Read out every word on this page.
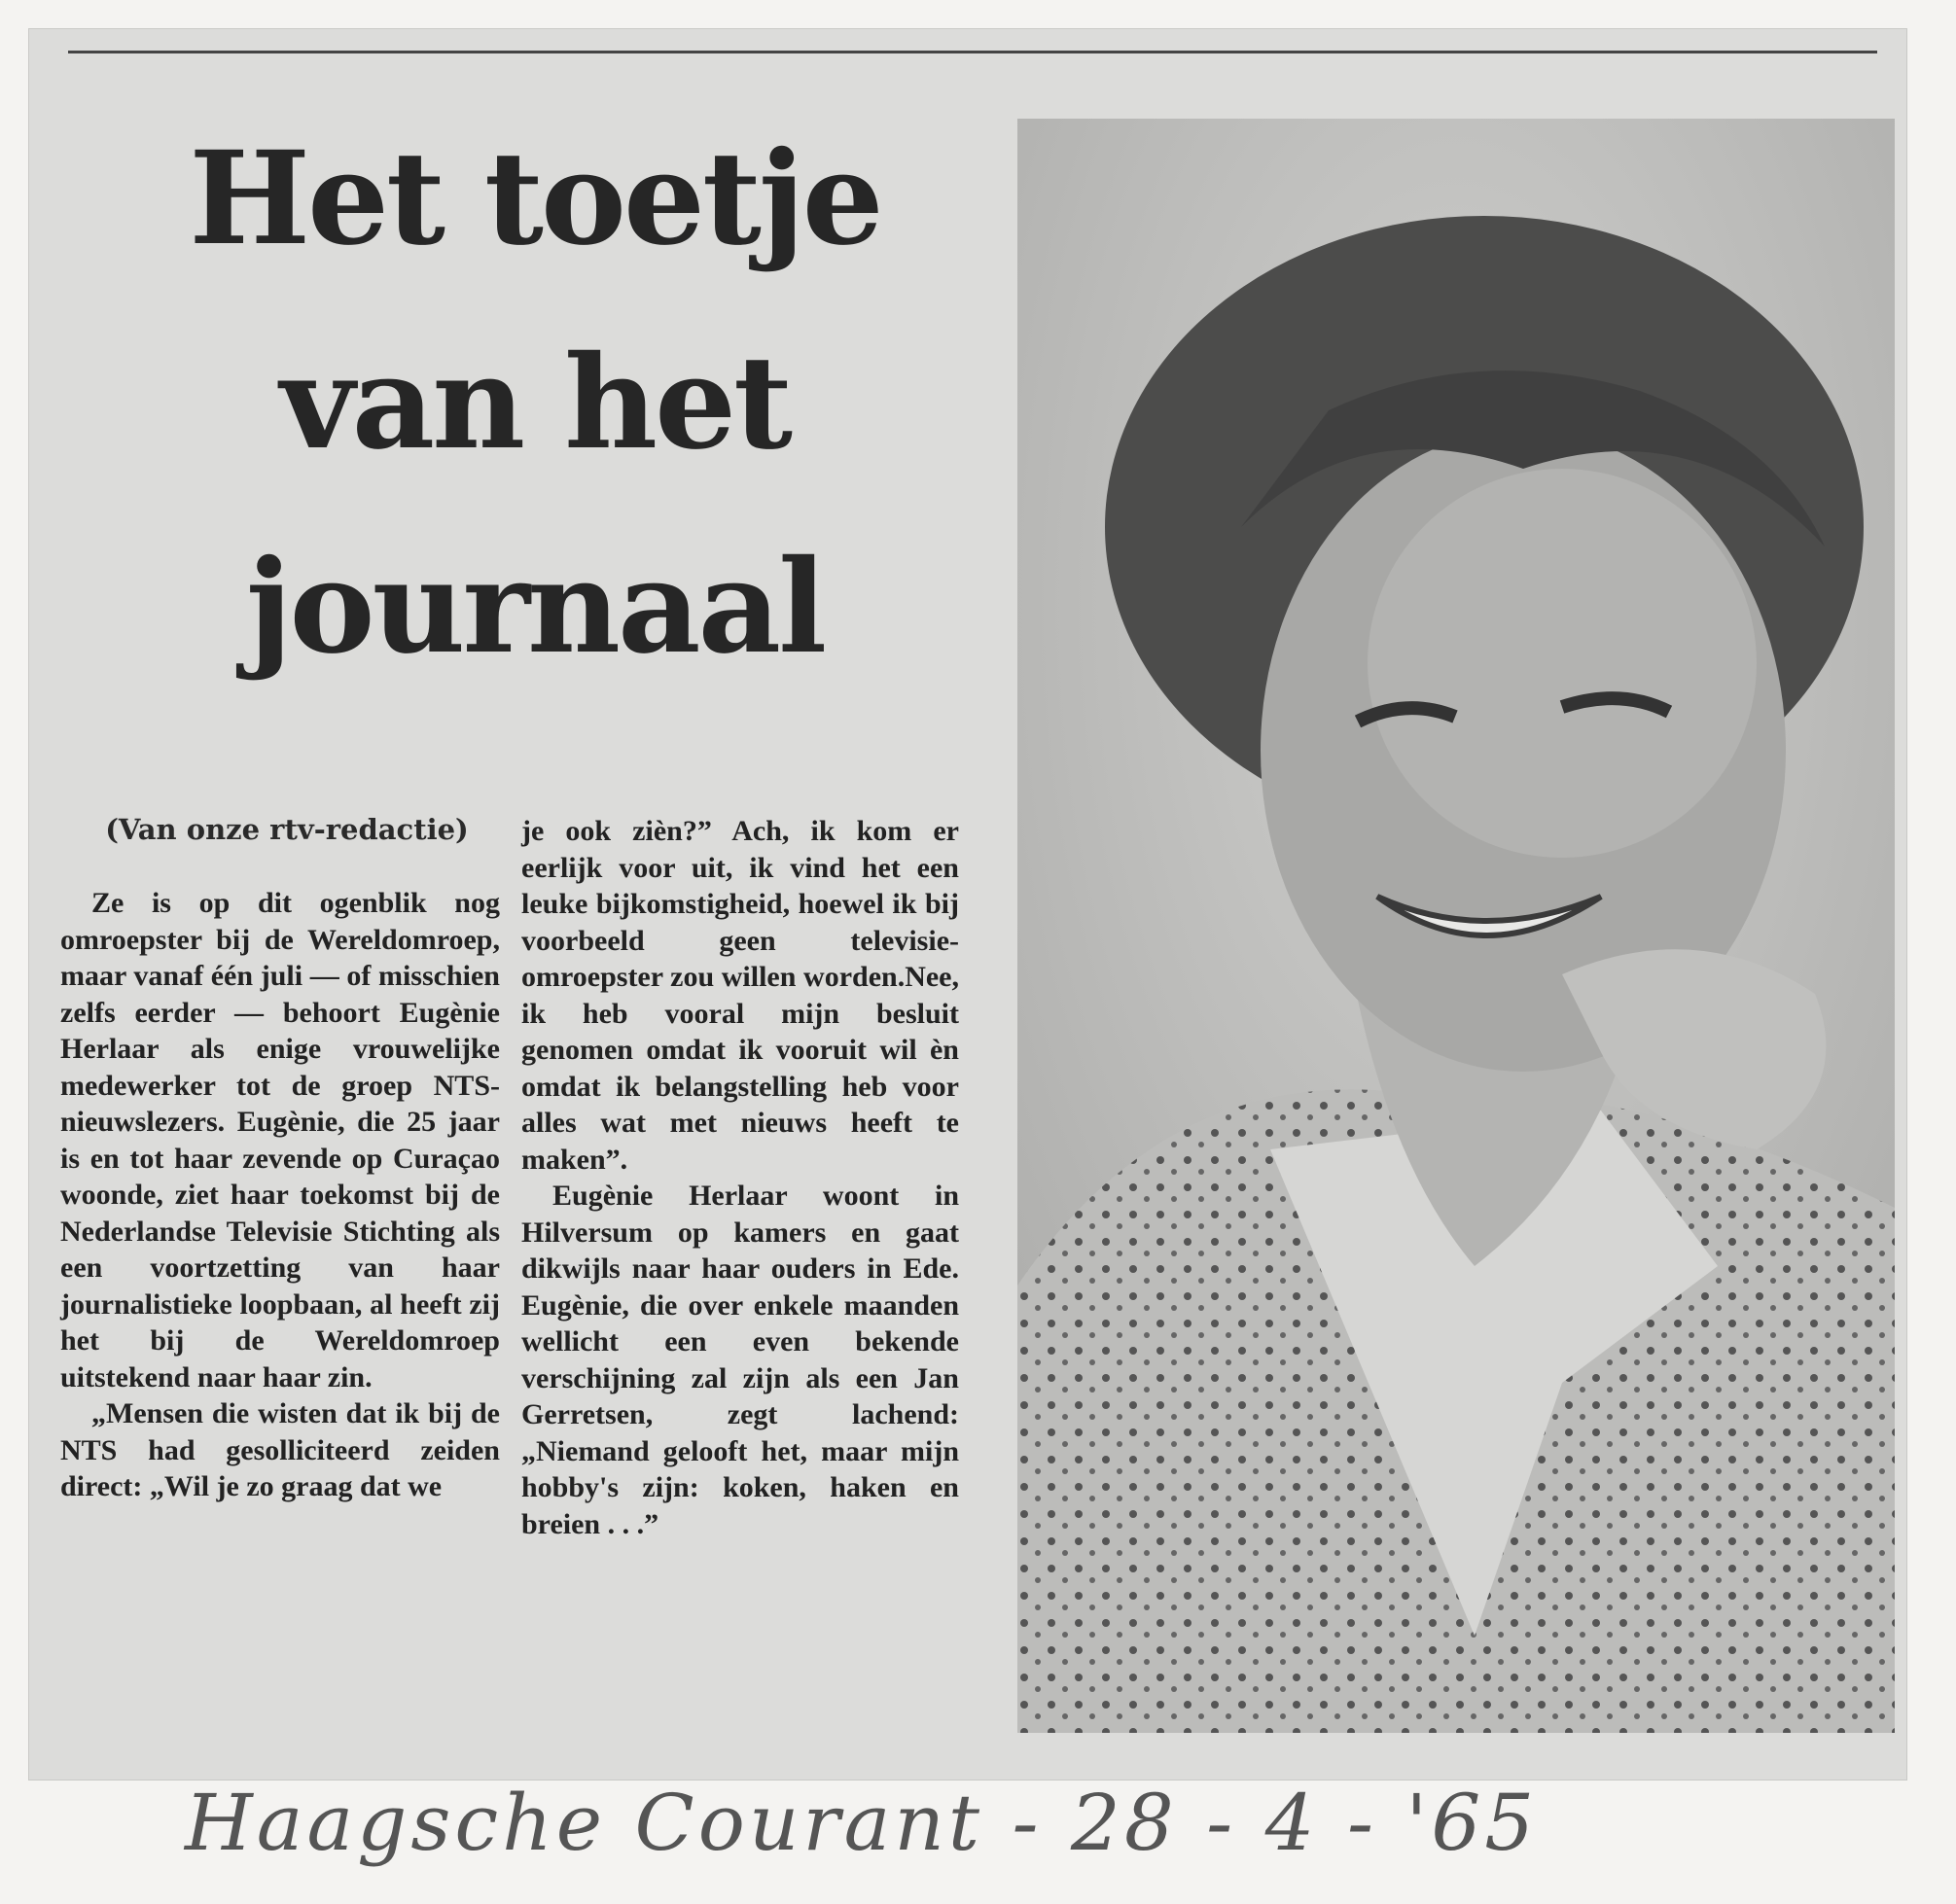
Het toetje
van het
journaal
(Van onze rtv-redactie)

Ze is op dit ogenblik nog omroepster bij de Wereldomroep, maar vanaf één juli — of misschien zelfs eerder — behoort Eugènie Herlaar als enige vrouwelijke medewerker tot de groep NTS-nieuwslezers. Eugènie, die 25 jaar is en tot haar zevende op Curaçao woonde, ziet haar toekomst bij de Nederlandse Televisie Stichting als een voortzetting van haar journalistieke loopbaan, al heeft zij het bij de Wereldomroep uitstekend naar haar zin.

„Mensen die wisten dat ik bij de NTS had gesolliciteerd zeiden direct: „Wil je zo graag dat we

je ook zièn?” Ach, ik kom er eerlijk voor uit, ik vind het een leuke bijkomstigheid, hoewel ik bij voorbeeld geen televisie-omroepster zou willen worden.Nee, ik heb vooral mijn besluit genomen omdat ik vooruit wil èn omdat ik belangstelling heb voor alles wat met nieuws heeft te maken”.

Eugènie Herlaar woont in Hilversum op kamers en gaat dikwijls naar haar ouders in Ede. Eugènie, die over enkele maanden wellicht een even bekende verschijning zal zijn als een Jan Gerretsen, zegt lachend: „Niemand gelooft het, maar mijn hobby's zijn: koken, haken en breien . . .”

Haagsche Courant - 28 - 4 - '65
